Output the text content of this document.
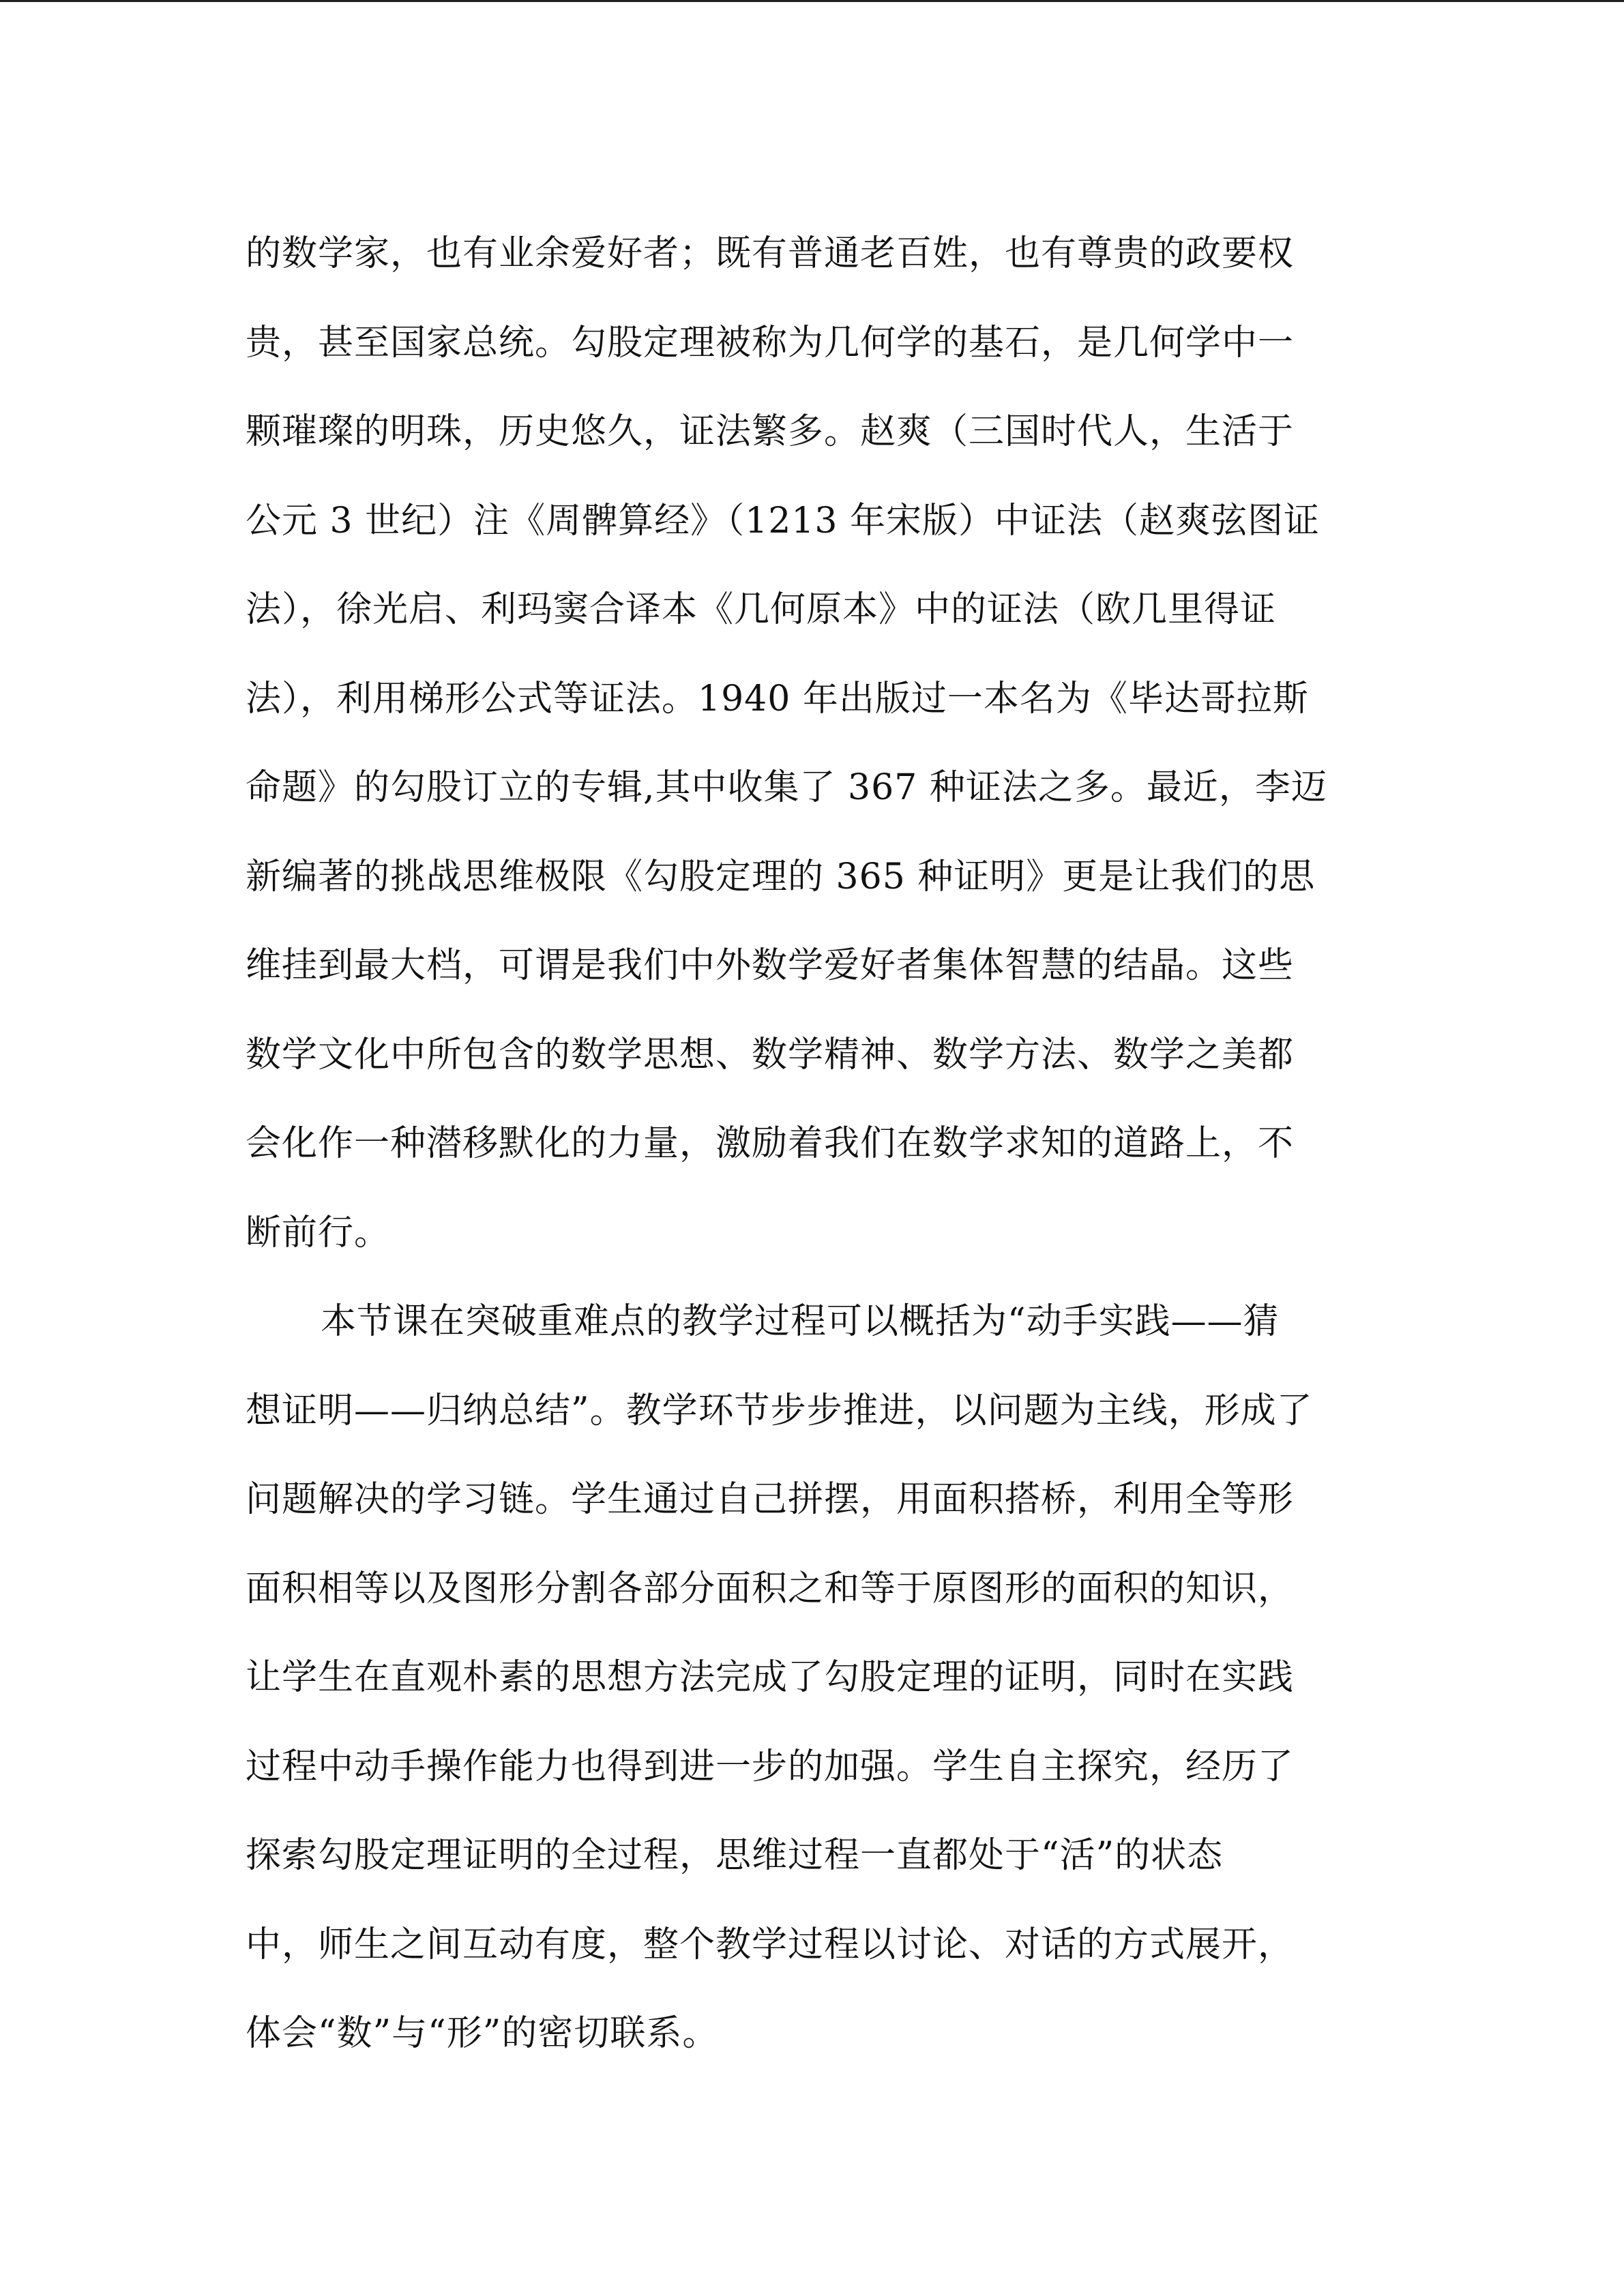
的数学家，也有业余爱好者；既有普通老百姓，也有尊贵的政要权
贵，甚至国家总统。勾股定理被称为几何学的基石，是几何学中一
颗璀璨的明珠，历史悠久，证法繁多。赵爽（三国时代人，生活于
公元 3 世纪）注《周髀算经》（1213 年宋版）中证法（赵爽弦图证
法），徐光启、利玛窦合译本《几何原本》中的证法（欧几里得证
法），利用梯形公式等证法。1940 年出版过一本名为《毕达哥拉斯
命题》的勾股订立的专辑,其中收集了 367 种证法之多。最近，李迈
新编著的挑战思维极限《勾股定理的 365 种证明》更是让我们的思
维挂到最大档，可谓是我们中外数学爱好者集体智慧的结晶。这些
数学文化中所包含的数学思想、数学精神、数学方法、数学之美都
会化作一种潜移默化的力量，激励着我们在数学求知的道路上，不
断前行。
本节课在突破重难点的教学过程可以概括为“动手实践——猜
想证明——归纳总结”。教学环节步步推进，以问题为主线，形成了
问题解决的学习链。学生通过自己拼摆，用面积搭桥，利用全等形
面积相等以及图形分割各部分面积之和等于原图形的面积的知识，
让学生在直观朴素的思想方法完成了勾股定理的证明，同时在实践
过程中动手操作能力也得到进一步的加强。学生自主探究，经历了
探索勾股定理证明的全过程，思维过程一直都处于“活”的状态
中，师生之间互动有度，整个教学过程以讨论、对话的方式展开，
体会“数”与“形”的密切联系。
